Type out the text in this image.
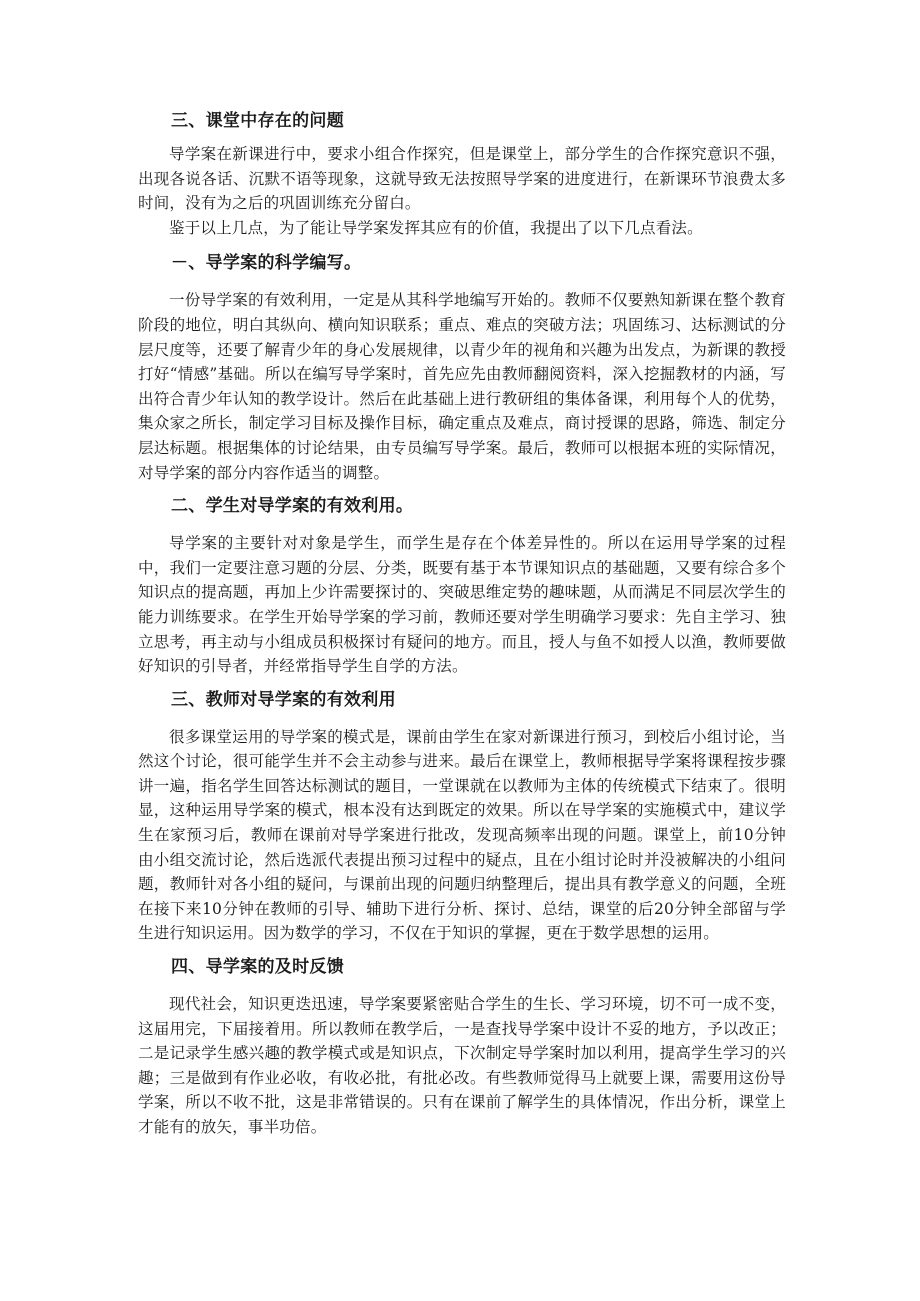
三、课堂中存在的问题

导学案在新课进行中，要求小组合作探究，但是课堂上，部分学生的合作探究意识不强，出现各说各话、沉默不语等现象，这就导致无法按照导学案的进度进行，在新课环节浪费太多时间，没有为之后的巩固训练充分留白。

鉴于以上几点，为了能让导学案发挥其应有的价值，我提出了以下几点看法。

－、导学案的科学编写。

一份导学案的有效利用，一定是从其科学地编写开始的。教师不仅要熟知新课在整个教育阶段的地位，明白其纵向、横向知识联系；重点、难点的突破方法；巩固练习、达标测试的分层尺度等，还要了解青少年的身心发展规律，以青少年的视角和兴趣为出发点，为新课的教授打好“情感”基础。所以在编写导学案时，首先应先由教师翻阅资料，深入挖掘教材的内涵，写出符合青少年认知的教学设计。然后在此基础上进行教研组的集体备课，利用每个人的优势，集众家之所长，制定学习目标及操作目标，确定重点及难点，商讨授课的思路，筛选、制定分层达标题。根据集体的讨论结果，由专员编写导学案。最后，教师可以根据本班的实际情况，对导学案的部分内容作适当的调整。

二、学生对导学案的有效利用。

导学案的主要针对对象是学生，而学生是存在个体差异性的。所以在运用导学案的过程中，我们一定要注意习题的分层、分类，既要有基于本节课知识点的基础题，又要有综合多个知识点的提高题，再加上少许需要探讨的、突破思维定势的趣味题，从而满足不同层次学生的能力训练要求。在学生开始导学案的学习前，教师还要对学生明确学习要求：先自主学习、独立思考，再主动与小组成员积极探讨有疑问的地方。而且，授人与鱼不如授人以渔，教师要做好知识的引导者，并经常指导学生自学的方法。

三、教师对导学案的有效利用

很多课堂运用的导学案的模式是，课前由学生在家对新课进行预习，到校后小组讨论，当然这个讨论，很可能学生并不会主动参与进来。最后在课堂上，教师根据导学案将课程按步骤讲一遍，指名学生回答达标测试的题目，一堂课就在以教师为主体的传统模式下结束了。很明显，这种运用导学案的模式，根本没有达到既定的效果。所以在导学案的实施模式中，建议学生在家预习后，教师在课前对导学案进行批改，发现高频率出现的问题。课堂上，前10分钟由小组交流讨论，然后选派代表提出预习过程中的疑点，且在小组讨论时并没被解决的小组问题，教师针对各小组的疑问，与课前出现的问题归纳整理后，提出具有教学意义的问题，全班在接下来10分钟在教师的引导、辅助下进行分析、探讨、总结，课堂的后20分钟全部留与学生进行知识运用。因为数学的学习，不仅在于知识的掌握，更在于数学思想的运用。

四、导学案的及时反馈

现代社会，知识更迭迅速，导学案要紧密贴合学生的生长、学习环境，切不可一成不变，这届用完，下届接着用。所以教师在教学后，一是查找导学案中设计不妥的地方，予以改正；二是记录学生感兴趣的教学模式或是知识点，下次制定导学案时加以利用，提高学生学习的兴趣；三是做到有作业必收，有收必批，有批必改。有些教师觉得马上就要上课，需要用这份导学案，所以不收不批，这是非常错误的。只有在课前了解学生的具体情况，作出分析，课堂上才能有的放矢，事半功倍。
